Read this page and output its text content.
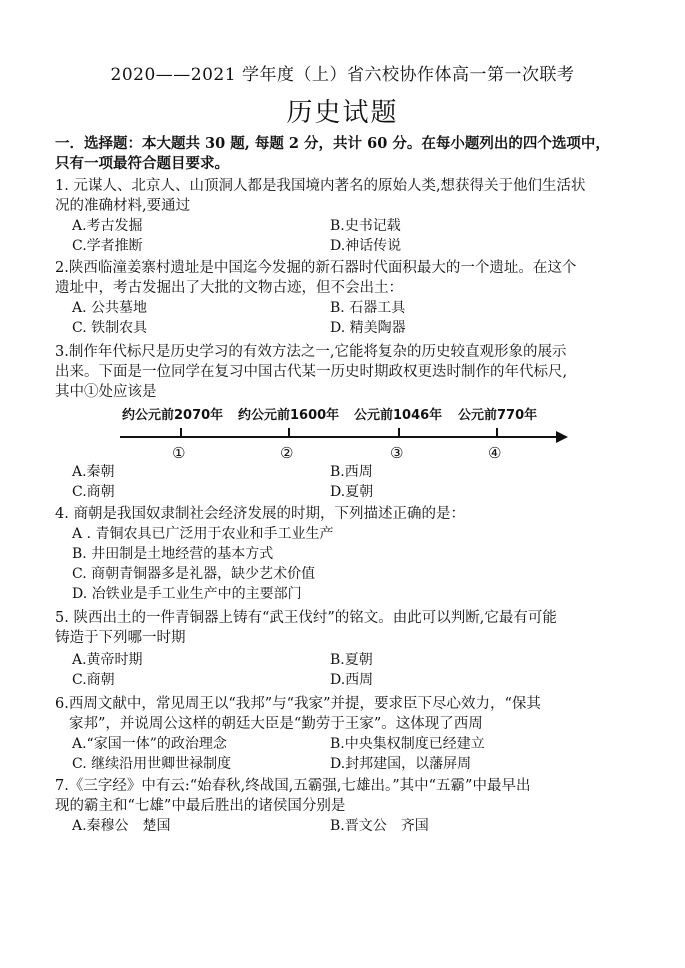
2020——2021 学年度（上）省六校协作体高一第一次联考
历史试题
一．选择题：本大题共 30 题, 每题 2 分，共计 60 分。在每小题列出的四个选项中，
只有一项最符合题目要求。
1. 元谋人、北京人、山顶洞人都是我国境内著名的原始人类,想获得关于他们生活状
况的准确材料,要通过
A.考古发掘	B.史书记载
C.学者推断	D.神话传说
2.陕西临潼姜寨村遗址是中国迄今发掘的新石器时代面积最大的一个遗址。在这个
遗址中，考古发掘出了大批的文物古迹，但不会出土：
A. 公共墓地	B. 石器工具
C. 铁制农具	D. 精美陶器
3.制作年代标尺是历史学习的有效方法之一,它能将复杂的历史较直观形象的展示
出来。下面是一位同学在复习中国古代某一历史时期政权更迭时制作的年代标尺,
其中①处应该是
约公元前2070年 约公元前1600年 公元前1046年 公元前770年
①	②	③	④
A.秦朝	B.西周
C.商朝	D.夏朝
4. 商朝是我国奴隶制社会经济发展的时期，下列描述正确的是：
A . 青铜农具已广泛用于农业和手工业生产
B. 井田制是土地经营的基本方式
C. 商朝青铜器多是礼器，缺少艺术价值
D. 冶铁业是手工业生产中的主要部门
5. 陕西出土的一件青铜器上铸有“武王伐纣”的铭文。由此可以判断,它最有可能
铸造于下列哪一时期
A.黄帝时期	B.夏朝
C.商朝	D.西周
6.西周文献中，常见周王以“我邦”与“我家”并提，要求臣下尽心效力，“保其
家邦”，并说周公这样的朝廷大臣是“勤劳于王家”。这体现了西周
A.“家国一体”的政治理念	B.中央集权制度已经建立
C. 继续沿用世卿世禄制度	D.封邦建国，以藩屏周
7.《三字经》中有云:“始春秋,终战国,五霸强,七雄出。”其中“五霸”中最早出
现的霸主和“七雄”中最后胜出的诸侯国分别是
A.秦穆公　楚国	B.晋文公　齐国
